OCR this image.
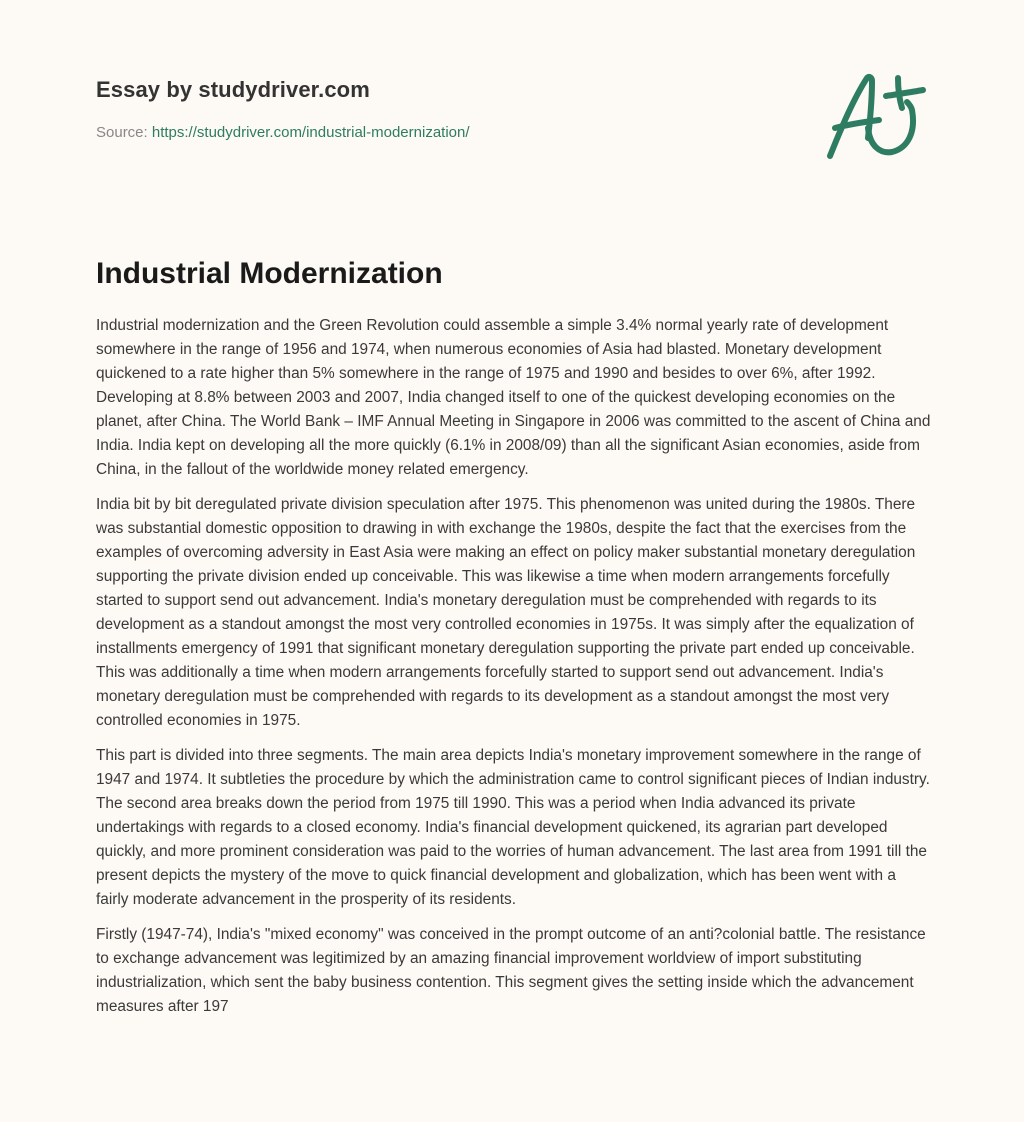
Essay by studydriver.com
Source: https://studydriver.com/industrial-modernization/
Industrial Modernization

Industrial modernization and the Green Revolution could assemble a simple 3.4% normal yearly rate of development somewhere in the range of 1956 and 1974, when numerous economies of Asia had blasted. Monetary development quickened to a rate higher than 5% somewhere in the range of 1975 and 1990 and besides to over 6%, after 1992. Developing at 8.8% between 2003 and 2007, India changed itself to one of the quickest developing economies on the planet, after China. The World Bank – IMF Annual Meeting in Singapore in 2006 was committed to the ascent of China and India. India kept on developing all the more quickly (6.1% in 2008/09) than all the significant Asian economies, aside from China, in the fallout of the worldwide money related emergency.

India bit by bit deregulated private division speculation after 1975. This phenomenon was united during the 1980s. There was substantial domestic opposition to drawing in with exchange the 1980s, despite the fact that the exercises from the examples of overcoming adversity in East Asia were making an effect on policy maker substantial monetary deregulation supporting the private division ended up conceivable. This was likewise a time when modern arrangements forcefully started to support send out advancement. India's monetary deregulation must be comprehended with regards to its development as a standout amongst the most very controlled economies in 1975s. It was simply after the equalization of installments emergency of 1991 that significant monetary deregulation supporting the private part ended up conceivable. This was additionally a time when modern arrangements forcefully started to support send out advancement. India's monetary deregulation must be comprehended with regards to its development as a standout amongst the most very controlled economies in 1975.

This part is divided into three segments. The main area depicts India's monetary improvement somewhere in the range of 1947 and 1974. It subtleties the procedure by which the administration came to control significant pieces of Indian industry. The second area breaks down the period from 1975 till 1990. This was a period when India advanced its private undertakings with regards to a closed economy. India's financial development quickened, its agrarian part developed quickly, and more prominent consideration was paid to the worries of human advancement. The last area from 1991 till the present depicts the mystery of the move to quick financial development and globalization, which has been went with a fairly moderate advancement in the prosperity of its residents.

Firstly (1947-74), India's "mixed economy" was conceived in the prompt outcome of an anti?colonial battle. The resistance to exchange advancement was legitimized by an amazing financial improvement worldview of import substituting industrialization, which sent the baby business contention. This segment gives the setting inside which the advancement measures after 197
